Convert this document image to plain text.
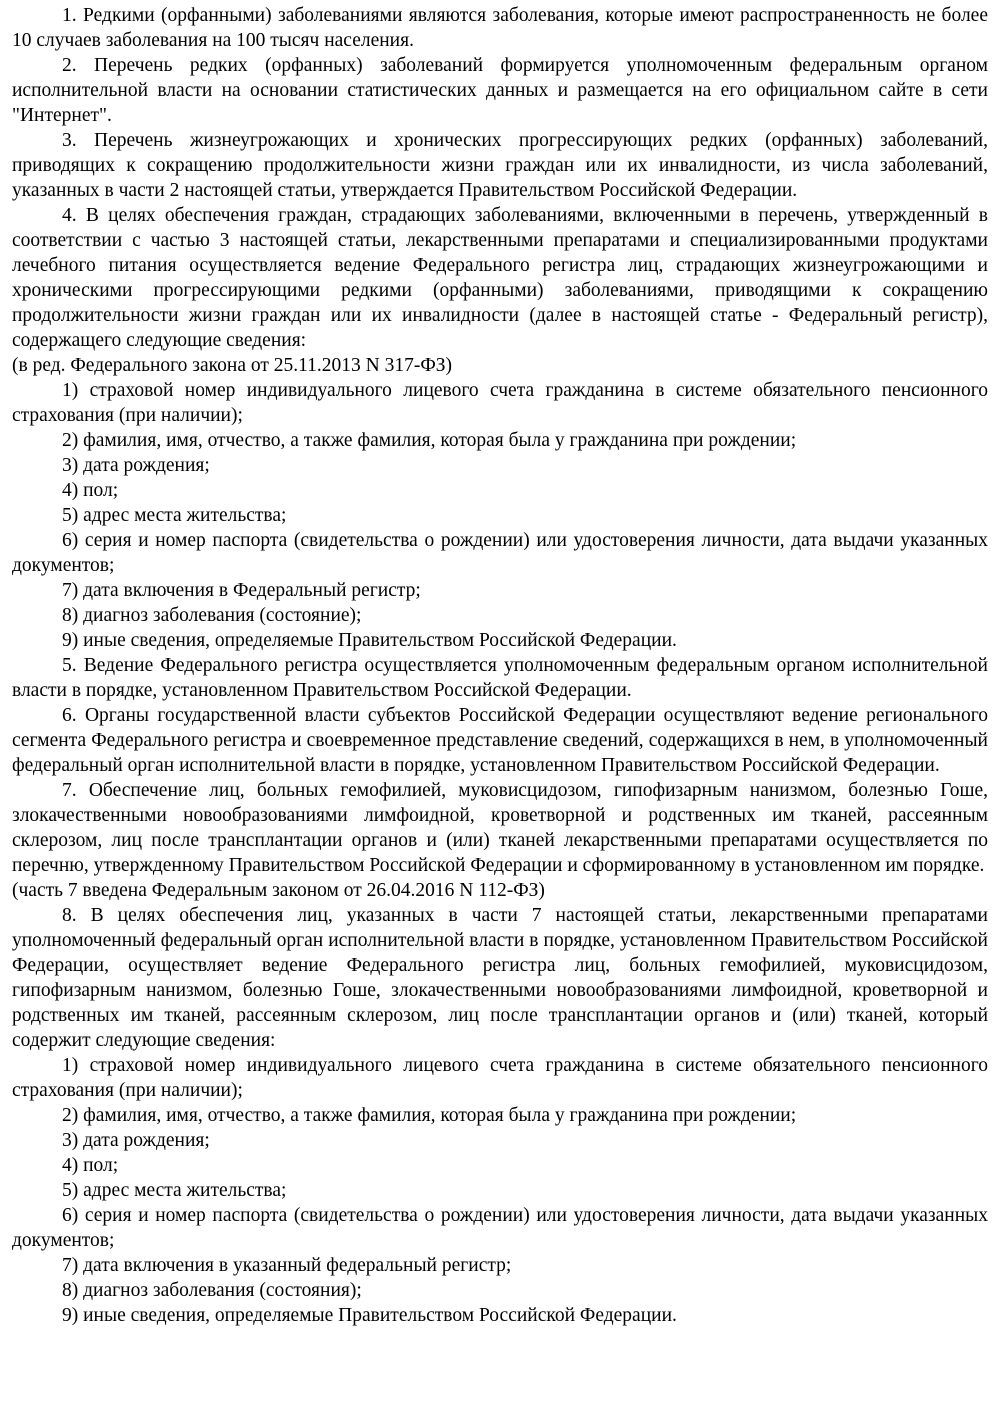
1. Редкими (орфанными) заболеваниями являются заболевания, которые имеют распространенность не более 10 случаев заболевания на 100 тысяч населения.

2. Перечень редких (орфанных) заболеваний формируется уполномоченным федеральным органом исполнительной власти на основании статистических данных и размещается на его официальном сайте в сети "Интернет".

3. Перечень жизнеугрожающих и хронических прогрессирующих редких (орфанных) заболеваний, приводящих к сокращению продолжительности жизни граждан или их инвалидности, из числа заболеваний, указанных в части 2 настоящей статьи, утверждается Правительством Российской Федерации.

4. В целях обеспечения граждан, страдающих заболеваниями, включенными в перечень, утвержденный в соответствии с частью 3 настоящей статьи, лекарственными препаратами и специализированными продуктами лечебного питания осуществляется ведение Федерального регистра лиц, страдающих жизнеугрожающими и хроническими прогрессирующими редкими (орфанными) заболеваниями, приводящими к сокращению продолжительности жизни граждан или их инвалидности (далее в настоящей статье - Федеральный регистр), содержащего следующие сведения:

(в ред. Федерального закона от 25.11.2013 N 317-ФЗ)

1) страховой номер индивидуального лицевого счета гражданина в системе обязательного пенсионного страхования (при наличии);

2) фамилия, имя, отчество, а также фамилия, которая была у гражданина при рождении;

3) дата рождения;

4) пол;

5) адрес места жительства;

6) серия и номер паспорта (свидетельства о рождении) или удостоверения личности, дата выдачи указанных документов;

7) дата включения в Федеральный регистр;

8) диагноз заболевания (состояние);

9) иные сведения, определяемые Правительством Российской Федерации.

5. Ведение Федерального регистра осуществляется уполномоченным федеральным органом исполнительной власти в порядке, установленном Правительством Российской Федерации.

6. Органы государственной власти субъектов Российской Федерации осуществляют ведение регионального сегмента Федерального регистра и своевременное представление сведений, содержащихся в нем, в уполномоченный федеральный орган исполнительной власти в порядке, установленном Правительством Российской Федерации.

7. Обеспечение лиц, больных гемофилией, муковисцидозом, гипофизарным нанизмом, болезнью Гоше, злокачественными новообразованиями лимфоидной, кроветворной и родственных им тканей, рассеянным склерозом, лиц после трансплантации органов и (или) тканей лекарственными препаратами осуществляется по перечню, утвержденному Правительством Российской Федерации и сформированному в установленном им порядке.

(часть 7 введена Федеральным законом от 26.04.2016 N 112-ФЗ)

8. В целях обеспечения лиц, указанных в части 7 настоящей статьи, лекарственными препаратами уполномоченный федеральный орган исполнительной власти в порядке, установленном Правительством Российской Федерации, осуществляет ведение Федерального регистра лиц, больных гемофилией, муковисцидозом, гипофизарным нанизмом, болезнью Гоше, злокачественными новообразованиями лимфоидной, кроветворной и родственных им тканей, рассеянным склерозом, лиц после трансплантации органов и (или) тканей, который содержит следующие сведения:

1) страховой номер индивидуального лицевого счета гражданина в системе обязательного пенсионного страхования (при наличии);

2) фамилия, имя, отчество, а также фамилия, которая была у гражданина при рождении;

3) дата рождения;

4) пол;

5) адрес места жительства;

6) серия и номер паспорта (свидетельства о рождении) или удостоверения личности, дата выдачи указанных документов;

7) дата включения в указанный федеральный регистр;

8) диагноз заболевания (состояния);

9) иные сведения, определяемые Правительством Российской Федерации.
